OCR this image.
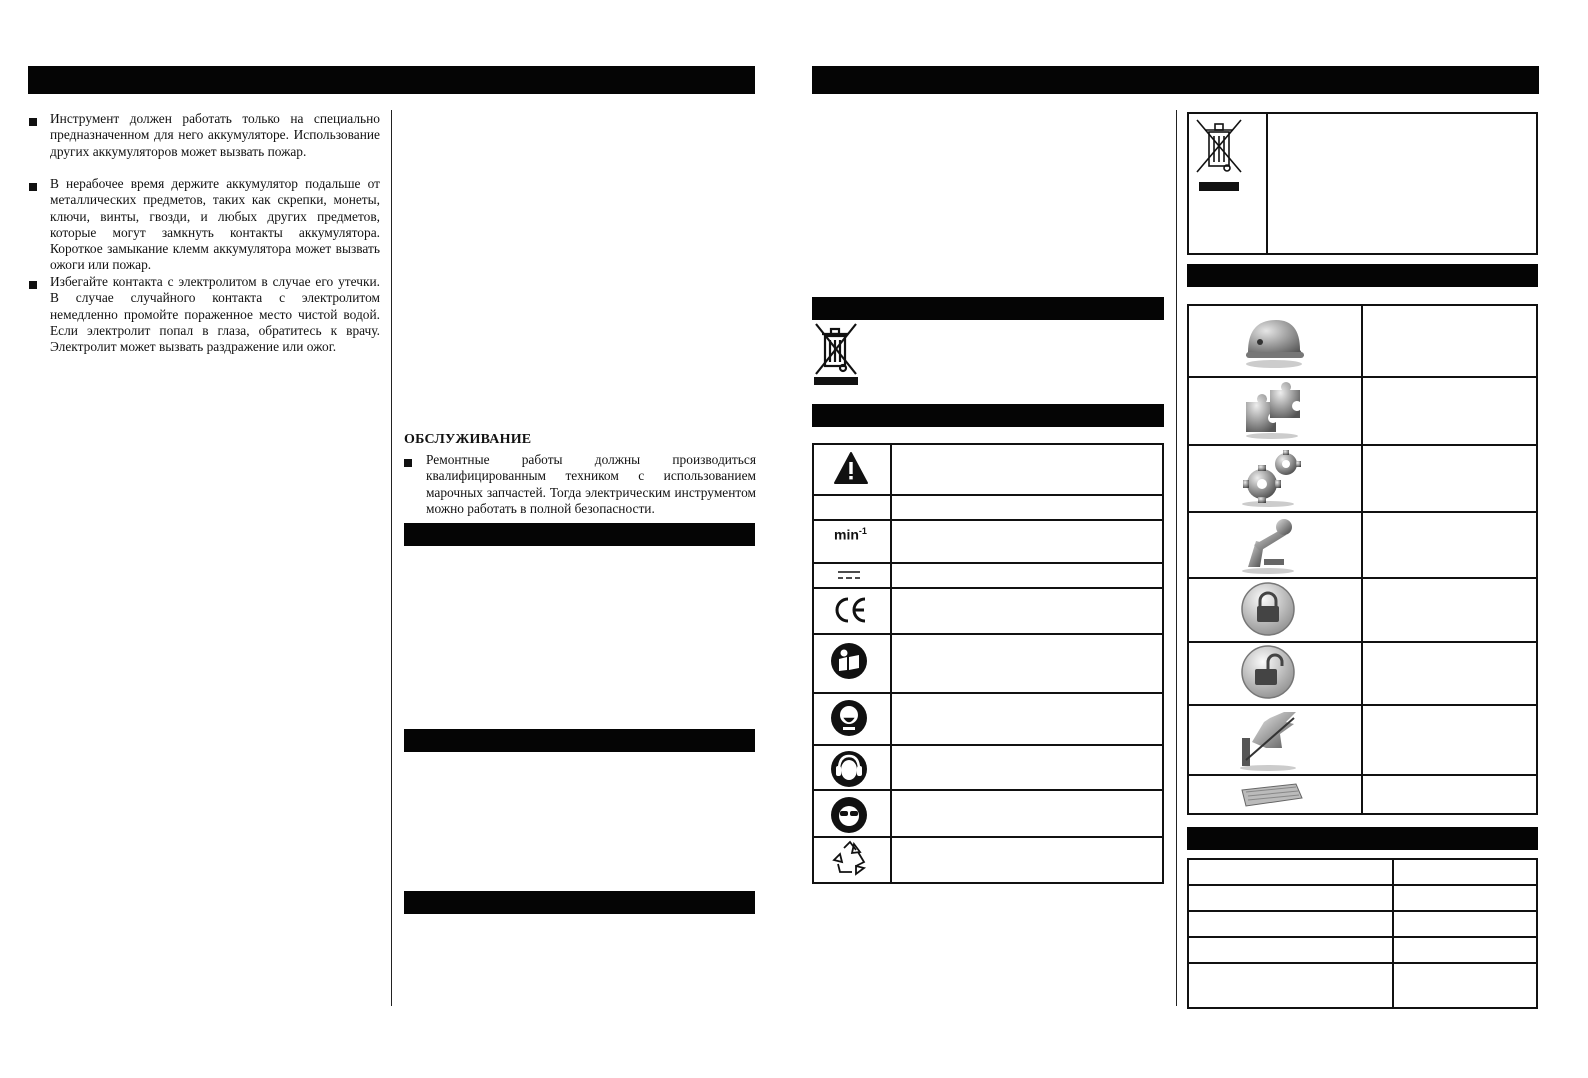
Инструмент должен работать только на специально предназначенном для него аккумуляторе. Использование других аккумуляторов может вызвать пожар.
В нерабочее время держите аккумулятор подальше от металлических предметов, таких как скрепки, монеты, ключи, винты, гвозди, и любых других предметов, которые могут замкнуть контакты аккумулятора. Короткое замыкание клемм аккумулятора может вызвать ожоги или пожар.
Избегайте контакта с электролитом в случае его утечки. В случае случайного контакта с электролитом немедленно промойте пораженное место чистой водой. Если электролит попал в глаза, обратитесь к врачу. Электролит может вызвать раздражение или ожог.
ОБСЛУЖИВАНИЕ
Ремонтные работы должны производиться квалифицированным техником с использованием марочных запчастей. Тогда электрическим инструментом можно работать в полной безопасности.
$\min^{-1}$
